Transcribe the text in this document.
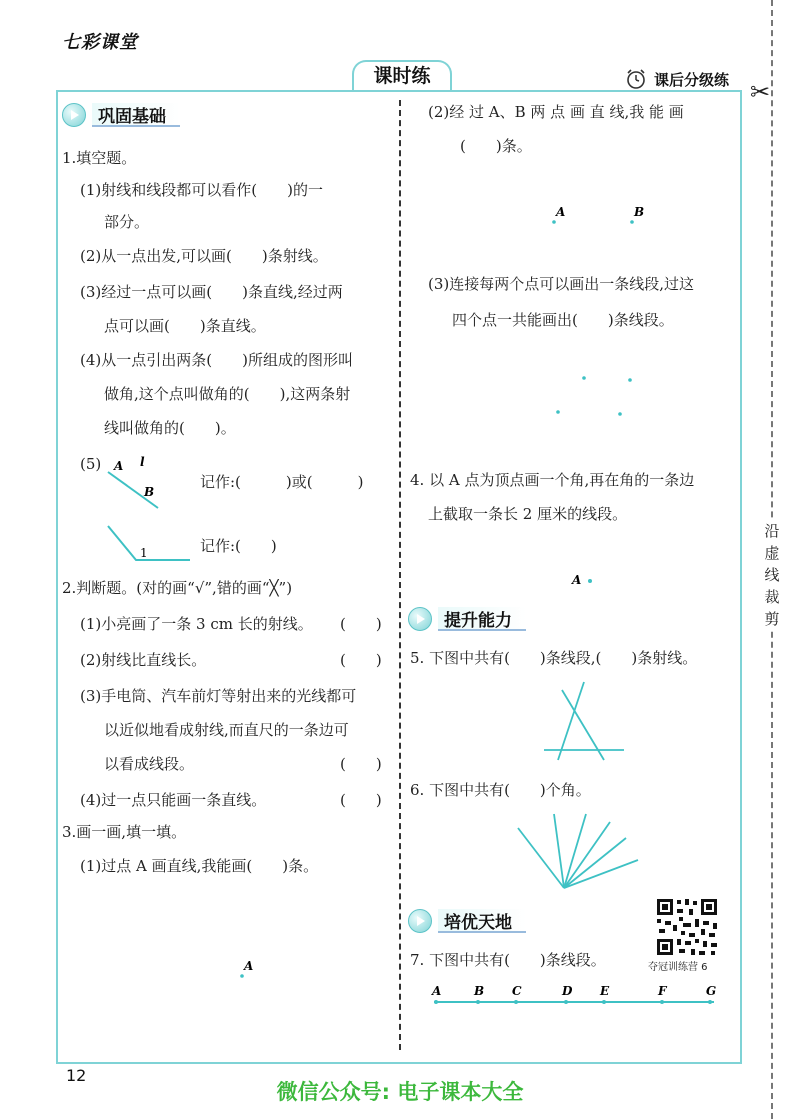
七彩课堂
课时练	课后分级练 ✂
沿虚线裁剪
巩固基础
1.填空题。
(1)射线和线段都可以看作(　　)的一
部分。
(2)从一点出发,可以画(　　)条射线。
(3)经过一点可以画(　　)条直线,经过两
点可以画(　　)条直线。
(4)从一点引出两条(　　)所组成的图形叫
做角,这个点叫做角的(　　),这两条射
线叫做角的(　　)。
(5) A l
B
1
记作:(　　　)或(　　　)
记作:(　　)
2.判断题。(对的画“√”,错的画“╳”)
(1)小亮画了一条 3 cm 长的射线。 (　　)
(2)射线比直线长。	(　　)
(3)手电筒、汽车前灯等射出来的光线都可
以近似地看成射线,而直尺的一条边可
以看成线段。	(　　)
(4)过一点只能画一条直线。	(　　)
3.画一画,填一填。
(1)过点 A 画直线,我能画(　　)条。
A
(2)经 过 A、B 两 点 画 直 线,我 能 画
(　　)条。
A	B
(3)连接每两个点可以画出一条线段,过这
四个点一共能画出(　　)条线段。
4. 以 A 点为顶点画一个角,再在角的一条边
上截取一条长 2 厘米的线段。
A
提升能力
5. 下图中共有(　　)条线段,(　　)条射线。
6. 下图中共有(　　)个角。
培优天地
7. 下图中共有(　　)条线段。	夺冠训练营 6
A	B C	D E	F	G
12
微信公众号: 电子课本大全
